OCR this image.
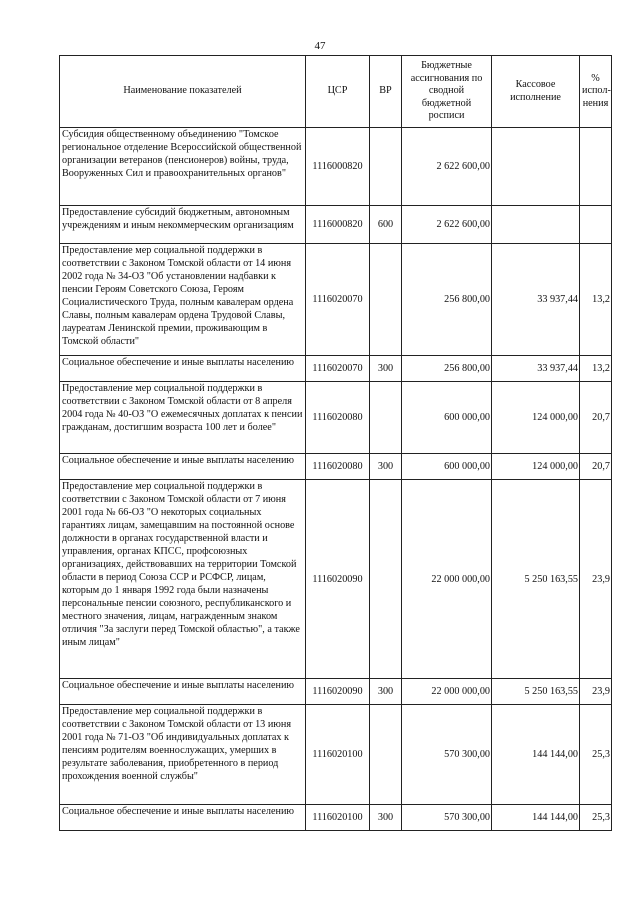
47
Наименование показателей	ЦСР	ВР	Бюджетные ассигнования по сводной бюджетной росписи	Кассовое исполнение	% испол-нения
Субсидия общественному объединению "Томское региональное отделение Всероссийской общественной организации ветеранов (пенсионеров) войны, труда, Вооруженных Сил и правоохранительных органов"	1116000820		2 622 600,00		
Предоставление субсидий бюджетным, автономным учреждениям и иным некоммерческим организациям	1116000820	600	2 622 600,00		
Предоставление мер социальной поддержки в соответствии с Законом Томской области от 14 июня 2002 года № 34-ОЗ "Об установлении надбавки к пенсии Героям Советского Союза, Героям Социалистического Труда, полным кавалерам ордена Славы, полным кавалерам ордена Трудовой Славы, лауреатам Ленинской премии, проживающим в Томской области"	1116020070		256 800,00	33 937,44	13,2
Социальное обеспечение и иные выплаты населению	1116020070	300	256 800,00	33 937,44	13,2
Предоставление мер социальной поддержки в соответствии с Законом Томской области от 8 апреля 2004 года № 40-ОЗ "О ежемесячных доплатах к пенсии гражданам, достигшим возраста 100 лет и более"	1116020080		600 000,00	124 000,00	20,7
Социальное обеспечение и иные выплаты населению	1116020080	300	600 000,00	124 000,00	20,7
Предоставление мер социальной поддержки в соответствии с Законом Томской области от 7 июня 2001 года № 66-ОЗ "О некоторых социальных гарантиях лицам, замещавшим на постоянной основе должности в органах государственной власти и управления, органах КПСС, профсоюзных организациях, действовавших на территории Томской области в период Союза ССР и РСФСР, лицам, которым до 1 января 1992 года были назначены персональные пенсии союзного, республиканского и местного значения, лицам, награжденным знаком отличия "За заслуги перед Томской областью", а также иным лицам"	1116020090		22 000 000,00	5 250 163,55	23,9
Социальное обеспечение и иные выплаты населению	1116020090	300	22 000 000,00	5 250 163,55	23,9
Предоставление мер социальной поддержки в соответствии с Законом Томской области от 13 июня 2001 года № 71-ОЗ "Об индивидуальных доплатах к пенсиям родителям военнослужащих, умерших в результате заболевания, приобретенного в период прохождения военной службы"	1116020100		570 300,00	144 144,00	25,3
Социальное обеспечение и иные выплаты населению	1116020100	300	570 300,00	144 144,00	25,3
